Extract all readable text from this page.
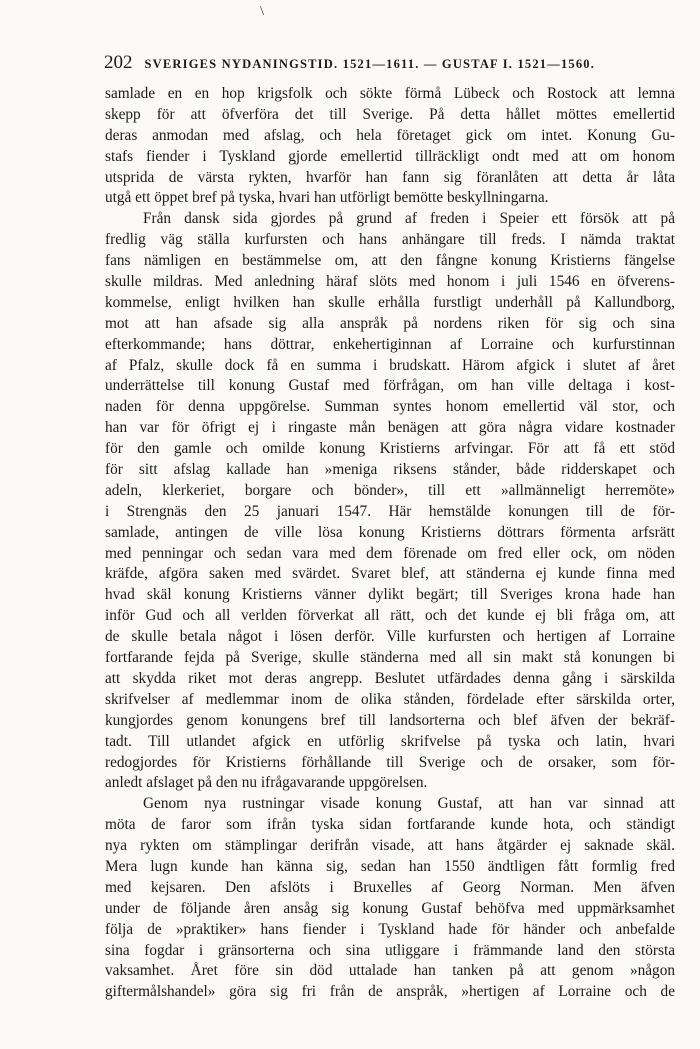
202 SVERIGES NYDANINGSTID. 1521—1611. — GUSTAF I. 1521—1560.
samlade en en hop krigsfolk och sökte förmå Lübeck och Rostock att lemna
skepp för att öfverföra det till Sverige. På detta hållet möttes emellertid
deras anmodan med afslag, och hela företaget gick om intet. Konung Gu-
stafs fiender i Tyskland gjorde emellertid tillräckligt ondt med att om honom
utsprida de värsta rykten, hvarför han fann sig föranlåten att detta år låta
utgå ett öppet bref på tyska, hvari han utförligt bemötte beskyllningarna.
Från dansk sida gjordes på grund af freden i Speier ett försök att på
fredlig väg ställa kurfursten och hans anhängare till freds. I nämda traktat
fans nämligen en bestämmelse om, att den fångne konung Kristierns fängelse
skulle mildras. Med anledning häraf slöts med honom i juli 1546 en öfverens-
kommelse, enligt hvilken han skulle erhålla furstligt underhåll på Kallundborg,
mot att han afsade sig alla anspråk på nordens riken för sig och sina
efterkommande; hans döttrar, enkehertiginnan af Lorraine och kurfurstinnan
af Pfalz, skulle dock få en summa i brudskatt. Härom afgick i slutet af året
underrättelse till konung Gustaf med förfrågan, om han ville deltaga i kost-
naden för denna uppgörelse. Summan syntes honom emellertid väl stor, och
han var för öfrigt ej i ringaste mån benägen att göra några vidare kostnader
för den gamle och omilde konung Kristierns arfvingar. För att få ett stöd
för sitt afslag kallade han »meniga riksens stånder, både ridderskapet och
adeln, klerkeriet, borgare och bönder», till ett »allmänneligt herremöte»
i Strengnäs den 25 januari 1547. Här hemstälde konungen till de för-
samlade, antingen de ville lösa konung Kristierns döttrars förmenta arfsrätt
med penningar och sedan vara med dem förenade om fred eller ock, om nöden
kräfde, afgöra saken med svärdet. Svaret blef, att ständerna ej kunde finna med
hvad skäl konung Kristierns vänner dylikt begärt; till Sveriges krona hade han
inför Gud och all verlden förverkat all rätt, och det kunde ej bli fråga om, att
de skulle betala något i lösen derför. Ville kurfursten och hertigen af Lorraine
fortfarande fejda på Sverige, skulle ständerna med all sin makt stå konungen bi
att skydda riket mot deras angrepp. Beslutet utfärdades denna gång i särskilda
skrifvelser af medlemmar inom de olika stånden, fördelade efter särskilda orter,
kungjordes genom konungens bref till landsorterna och blef äfven der bekräf-
tadt. Till utlandet afgick en utförlig skrifvelse på tyska och latin, hvari
redogjordes för Kristierns förhållande till Sverige och de orsaker, som för-
anledt afslaget på den nu ifrågavarande uppgörelsen.
Genom nya rustningar visade konung Gustaf, att han var sinnad att
möta de faror som ifrån tyska sidan fortfarande kunde hota, och ständigt
nya rykten om stämplingar derifrån visade, att hans åtgärder ej saknade skäl.
Mera lugn kunde han känna sig, sedan han 1550 ändtligen fått formlig fred
med kejsaren. Den afslöts i Bruxelles af Georg Norman. Men äfven
under de följande åren ansåg sig konung Gustaf behöfva med uppmärksamhet
följa de »praktiker» hans fiender i Tyskland hade för händer och anbefalde
sina fogdar i gränsorterna och sina utliggare i främmande land den största
vaksamhet. Året före sin död uttalade han tanken på att genom »någon
giftermålshandel» göra sig fri från de anspråk, »hertigen af Lorraine och de
\
